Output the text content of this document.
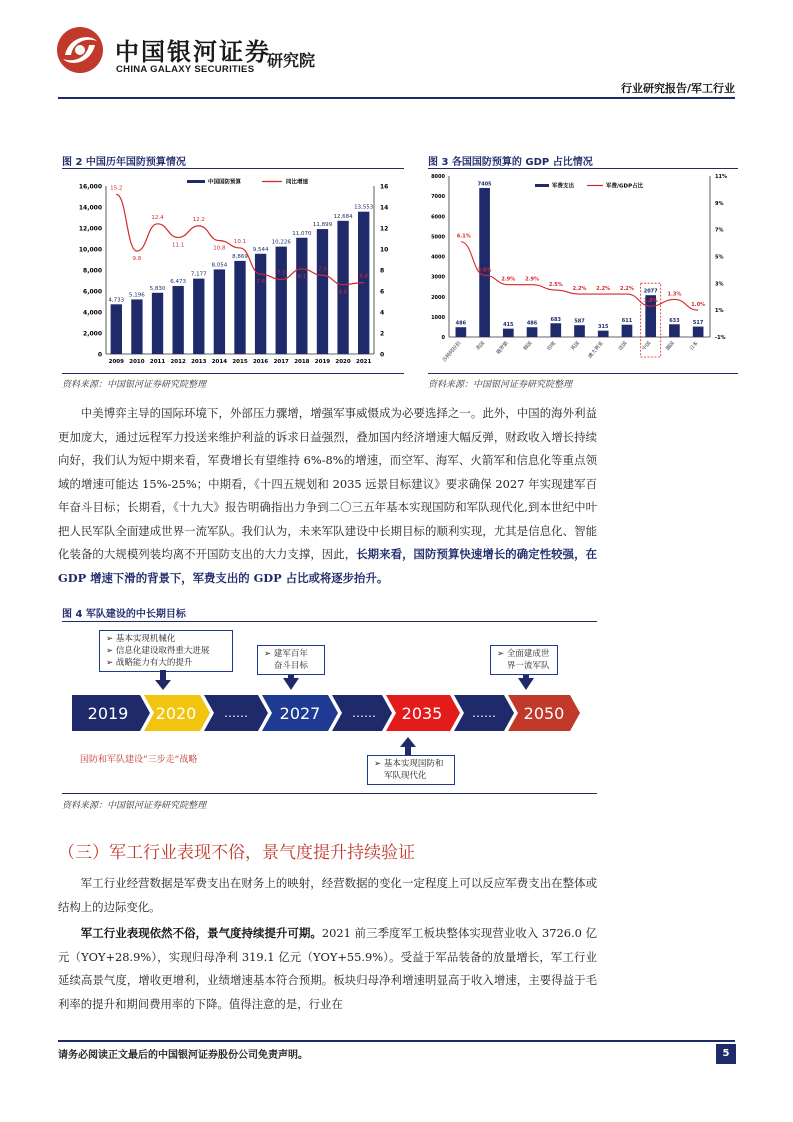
中国银河证券
CHINA GALAXY SECURITIES 研究院
行业研究报告/军工行业
图 2 中国历年国防预算情况
0
2,000
4,000
6,000
8,000
10,000
12,000
14,000
16,000
0
2
4
6
8
10
12
14
16
4,733
2009
5,196
2010
5,830
2011
6,473
2012
7,177
2013
8,054
2014
8,869
2015
9,544
2016
10,226
2017
11,070
2018
11,899
2019
12,684
2020
13,553
2021
15.2
9.8
12.4
11.1
12.2
10.8
10.1
7.6
7.1
8.1
7.5
6.6
6.8
中国国防预算	同比增速
资料来源：中国银河证券研究院整理
图 3 各国国防预算的 GDP 占比情况
0
1000
2000
3000
4000
5000
6000
7000
8000
-1%
1%
3%
5%
7%
9%
11%
486
沙特阿拉伯
7405
美国
415
俄罗斯
486
韩国
683
印度
587
英国
315
澳大利亚
611
法国
2077
中国
633
德国
517
日本
6.1%
3.6%
2.9% 2.9%
2.5%
2.2% 2.2% 2.2%
1.8%
1.3%
1.0%
军费支出	军费/GDP占比
资料来源：中国银河证券研究院整理
中美博弈主导的国际环境下，外部压力骤增，增强军事威慑成为必要选择之一。此外，中国的海外利益更加庞大，通过远程军力投送来维护利益的诉求日益强烈，叠加国内经济增速大幅反弹，财政收入增长持续向好，我们认为短中期来看，军费增长有望维持 6%-8%的增速，而空军、海军、火箭军和信息化等重点领域的增速可能达 15%-25%；中期看，《十四五规划和 2035 远景目标建议》要求确保 2027 年实现建军百年奋斗目标；长期看，《十九大》报告明确指出力争到二〇三五年基本实现国防和军队现代化,到本世纪中叶把人民军队全面建成世界一流军队。我们认为，未来军队建设中长期目标的顺利实现，尤其是信息化、智能化装备的大规模列装均离不开国防支出的大力支撑，因此，长期来看，国防预算快速增长的确定性较强，在 GDP 增速下滑的背景下，军费支出的 GDP 占比或将逐步抬升。
图 4 军队建设的中长期目标
➢ 基本实现机械化
➢ 信息化建设取得重大进展
➢ 战略能力有大的提升
➢ 建军百年
奋斗目标
➢ 全面建成世
界一流军队
2019 2020 …… 2027	…… 2035 …… 2050
国防和军队建设“三步走“战略	➢ 基本实现国防和
军队现代化
资料来源：中国银河证券研究院整理
（三）军工行业表现不俗，景气度提升持续验证
军工行业经营数据是军费支出在财务上的映射，经营数据的变化一定程度上可以反应军费支出在整体或结构上的边际变化。
军工行业表现依然不俗，景气度持续提升可期。2021 前三季度军工板块整体实现营业收入 3726.0 亿元（YOY+28.9%），实现归母净利 319.1 亿元（YOY+55.9%）。受益于军品装备的放量增长，军工行业延续高景气度，增收更增利，业绩增速基本符合预期。板块归母净利增速明显高于收入增速，主要得益于毛利率的提升和期间费用率的下降。值得注意的是，行业在
请务必阅读正文最后的中国银河证券股份公司免责声明。	5
